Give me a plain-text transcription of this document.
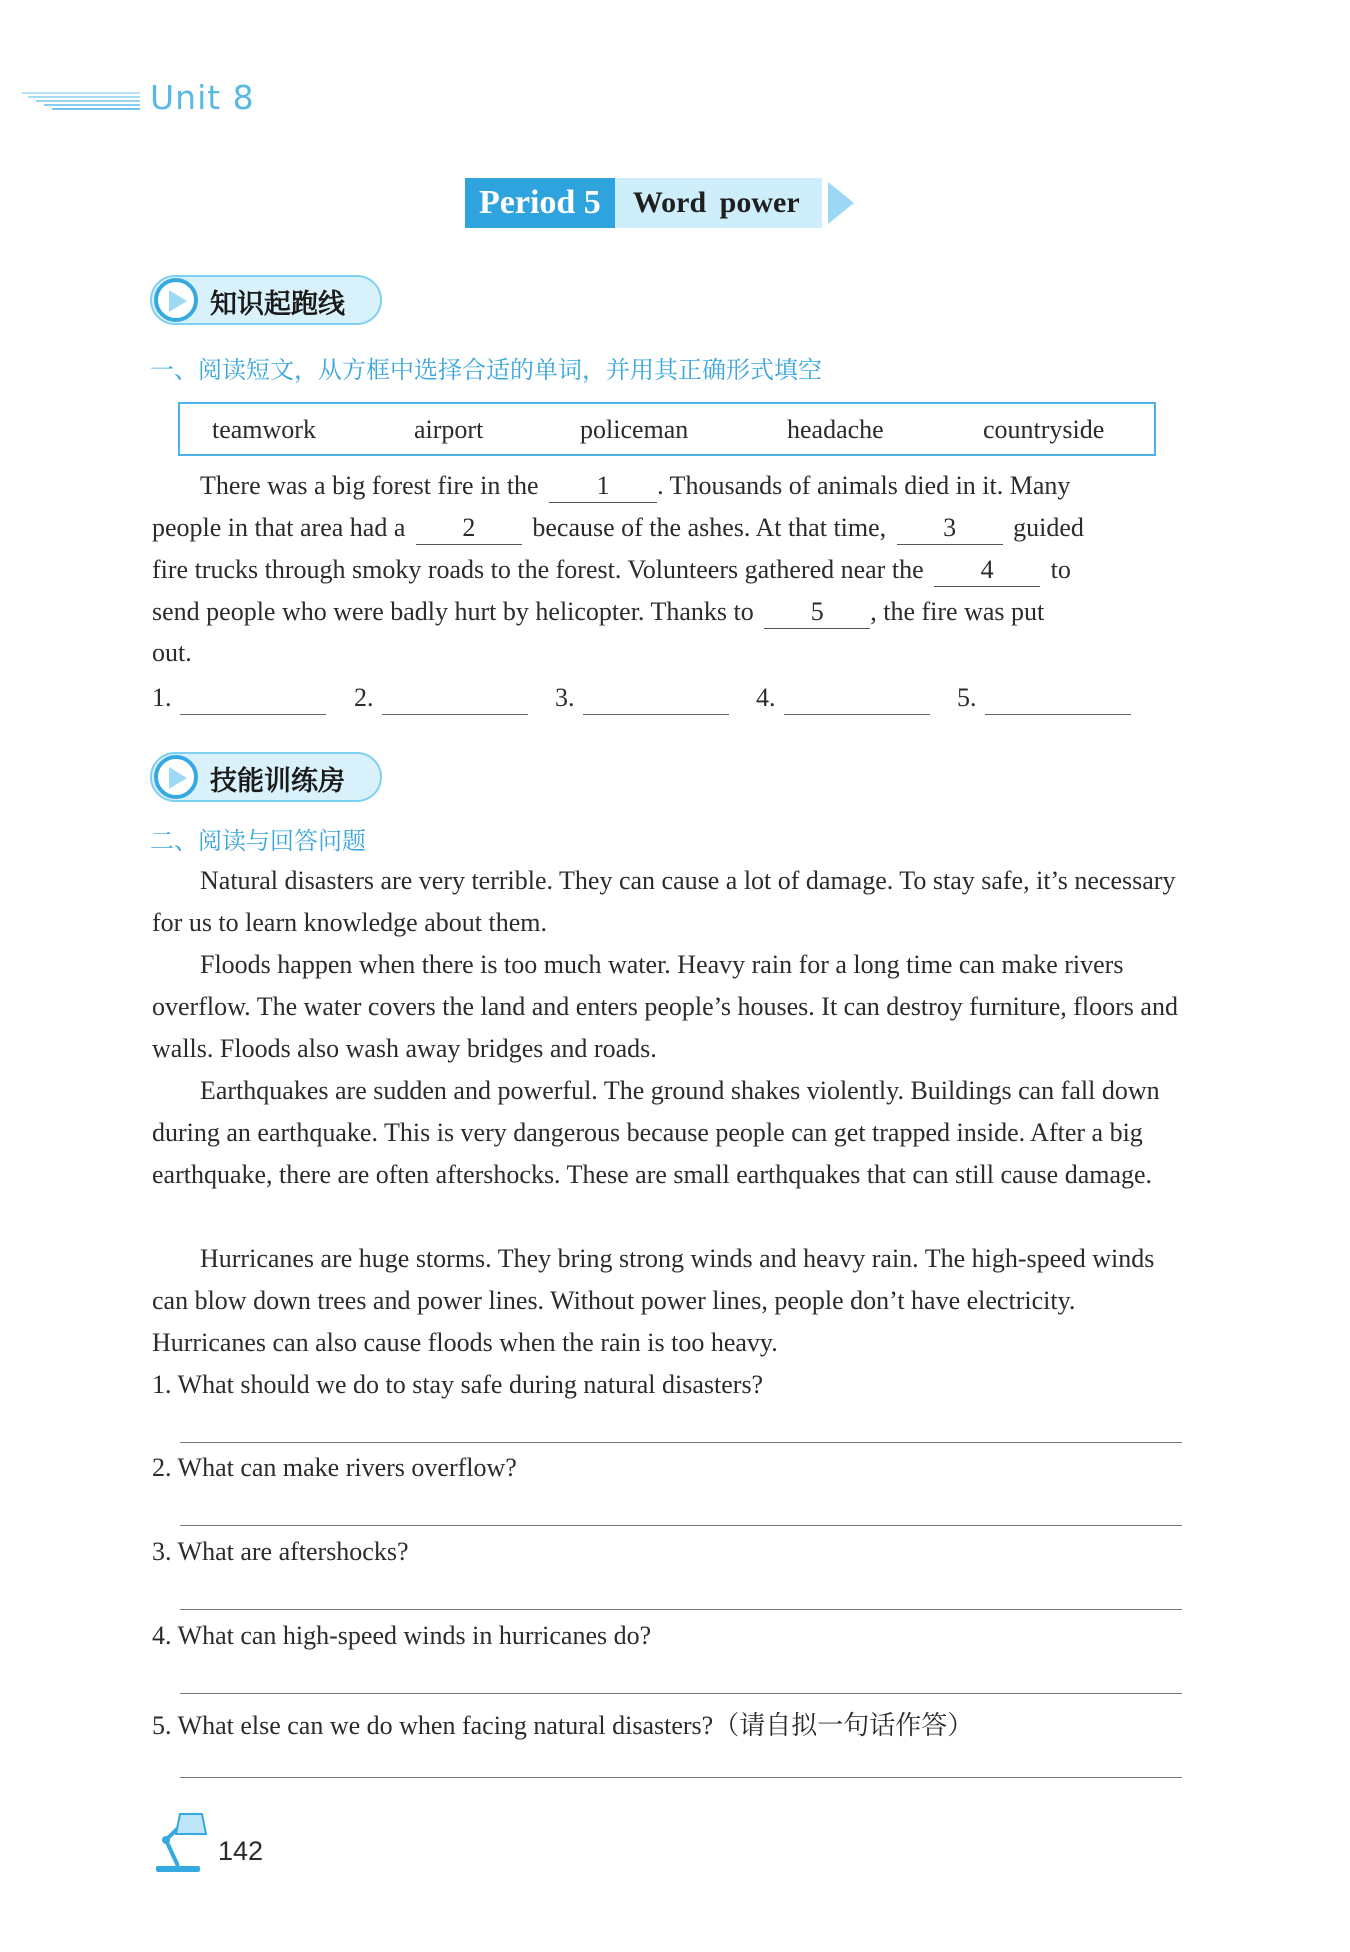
Unit 8
Period 5	Word power
知识起跑线
一、阅读短文，从方框中选择合适的单词，并用其正确形式填空
teamwork	airport	policeman	headache	countryside
There was a big forest fire in the 1 . Thousands of animals died in it. Many
people in that area had a 2 because of the ashes. At that time, 3 guided
fire trucks through smoky roads to the forest. Volunteers gathered near the 4 to
send people who were badly hurt by helicopter. Thanks to 5 , the fire was put
out.
1.	2.	3.	4.	5.
技能训练房
二、阅读与回答问题
Natural disasters are very terrible. They can cause a lot of damage. To stay safe, it’s necessary for us to learn knowledge about them.
Floods happen when there is too much water. Heavy rain for a long time can make rivers overflow. The water covers the land and enters people’s houses. It can destroy furniture, floors and walls. Floods also wash away bridges and roads.
Earthquakes are sudden and powerful. The ground shakes violently. Buildings can fall down during an earthquake. This is very dangerous because people can get trapped inside. After a big earthquake, there are often aftershocks. These are small earthquakes that can still cause damage.
Hurricanes are huge storms. They bring strong winds and heavy rain. The high-speed winds can blow down trees and power lines. Without power lines, people don’t have electricity. Hurricanes can also cause floods when the rain is too heavy.
1. What should we do to stay safe during natural disasters?
2. What can make rivers overflow?
3. What are aftershocks?
4. What can high-speed winds in hurricanes do?
5. What else can we do when facing natural disasters?（请自拟一句话作答）
142
